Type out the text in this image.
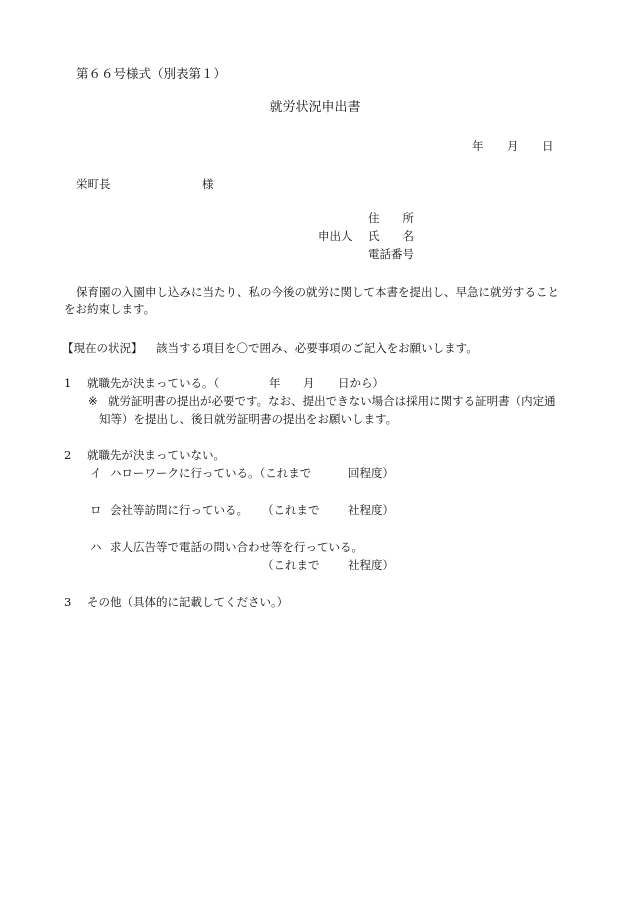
第６６号様式（別表第１）
就労状況申出書
年 月 日
栄町長	様
住　　所
申出人 氏　　名
電話番号
保育園の入園申し込みに当たり、私の今後の就労に関して本書を提出し、早急に就労すること
をお約束します。
【現在の状況】 該当する項目を〇で囲み、必要事項のご記入をお願いします。
1 就職先が決まっている。（	年 月 日から）
※ 就労証明書の提出が必要です。なお、提出できない場合は採用に関する証明書（内定通
知等）を提出し、後日就労証明書の提出をお願いします。
2 就職先が決まっていない。
イ ハローワークに行っている。（これまで	回程度）
ロ 会社等訪問に行っている。 （これまで 社程度）
ハ 求人広告等で電話の問い合わせ等を行っている。
（これまで 社程度）
3 その他（具体的に記載してください。）
